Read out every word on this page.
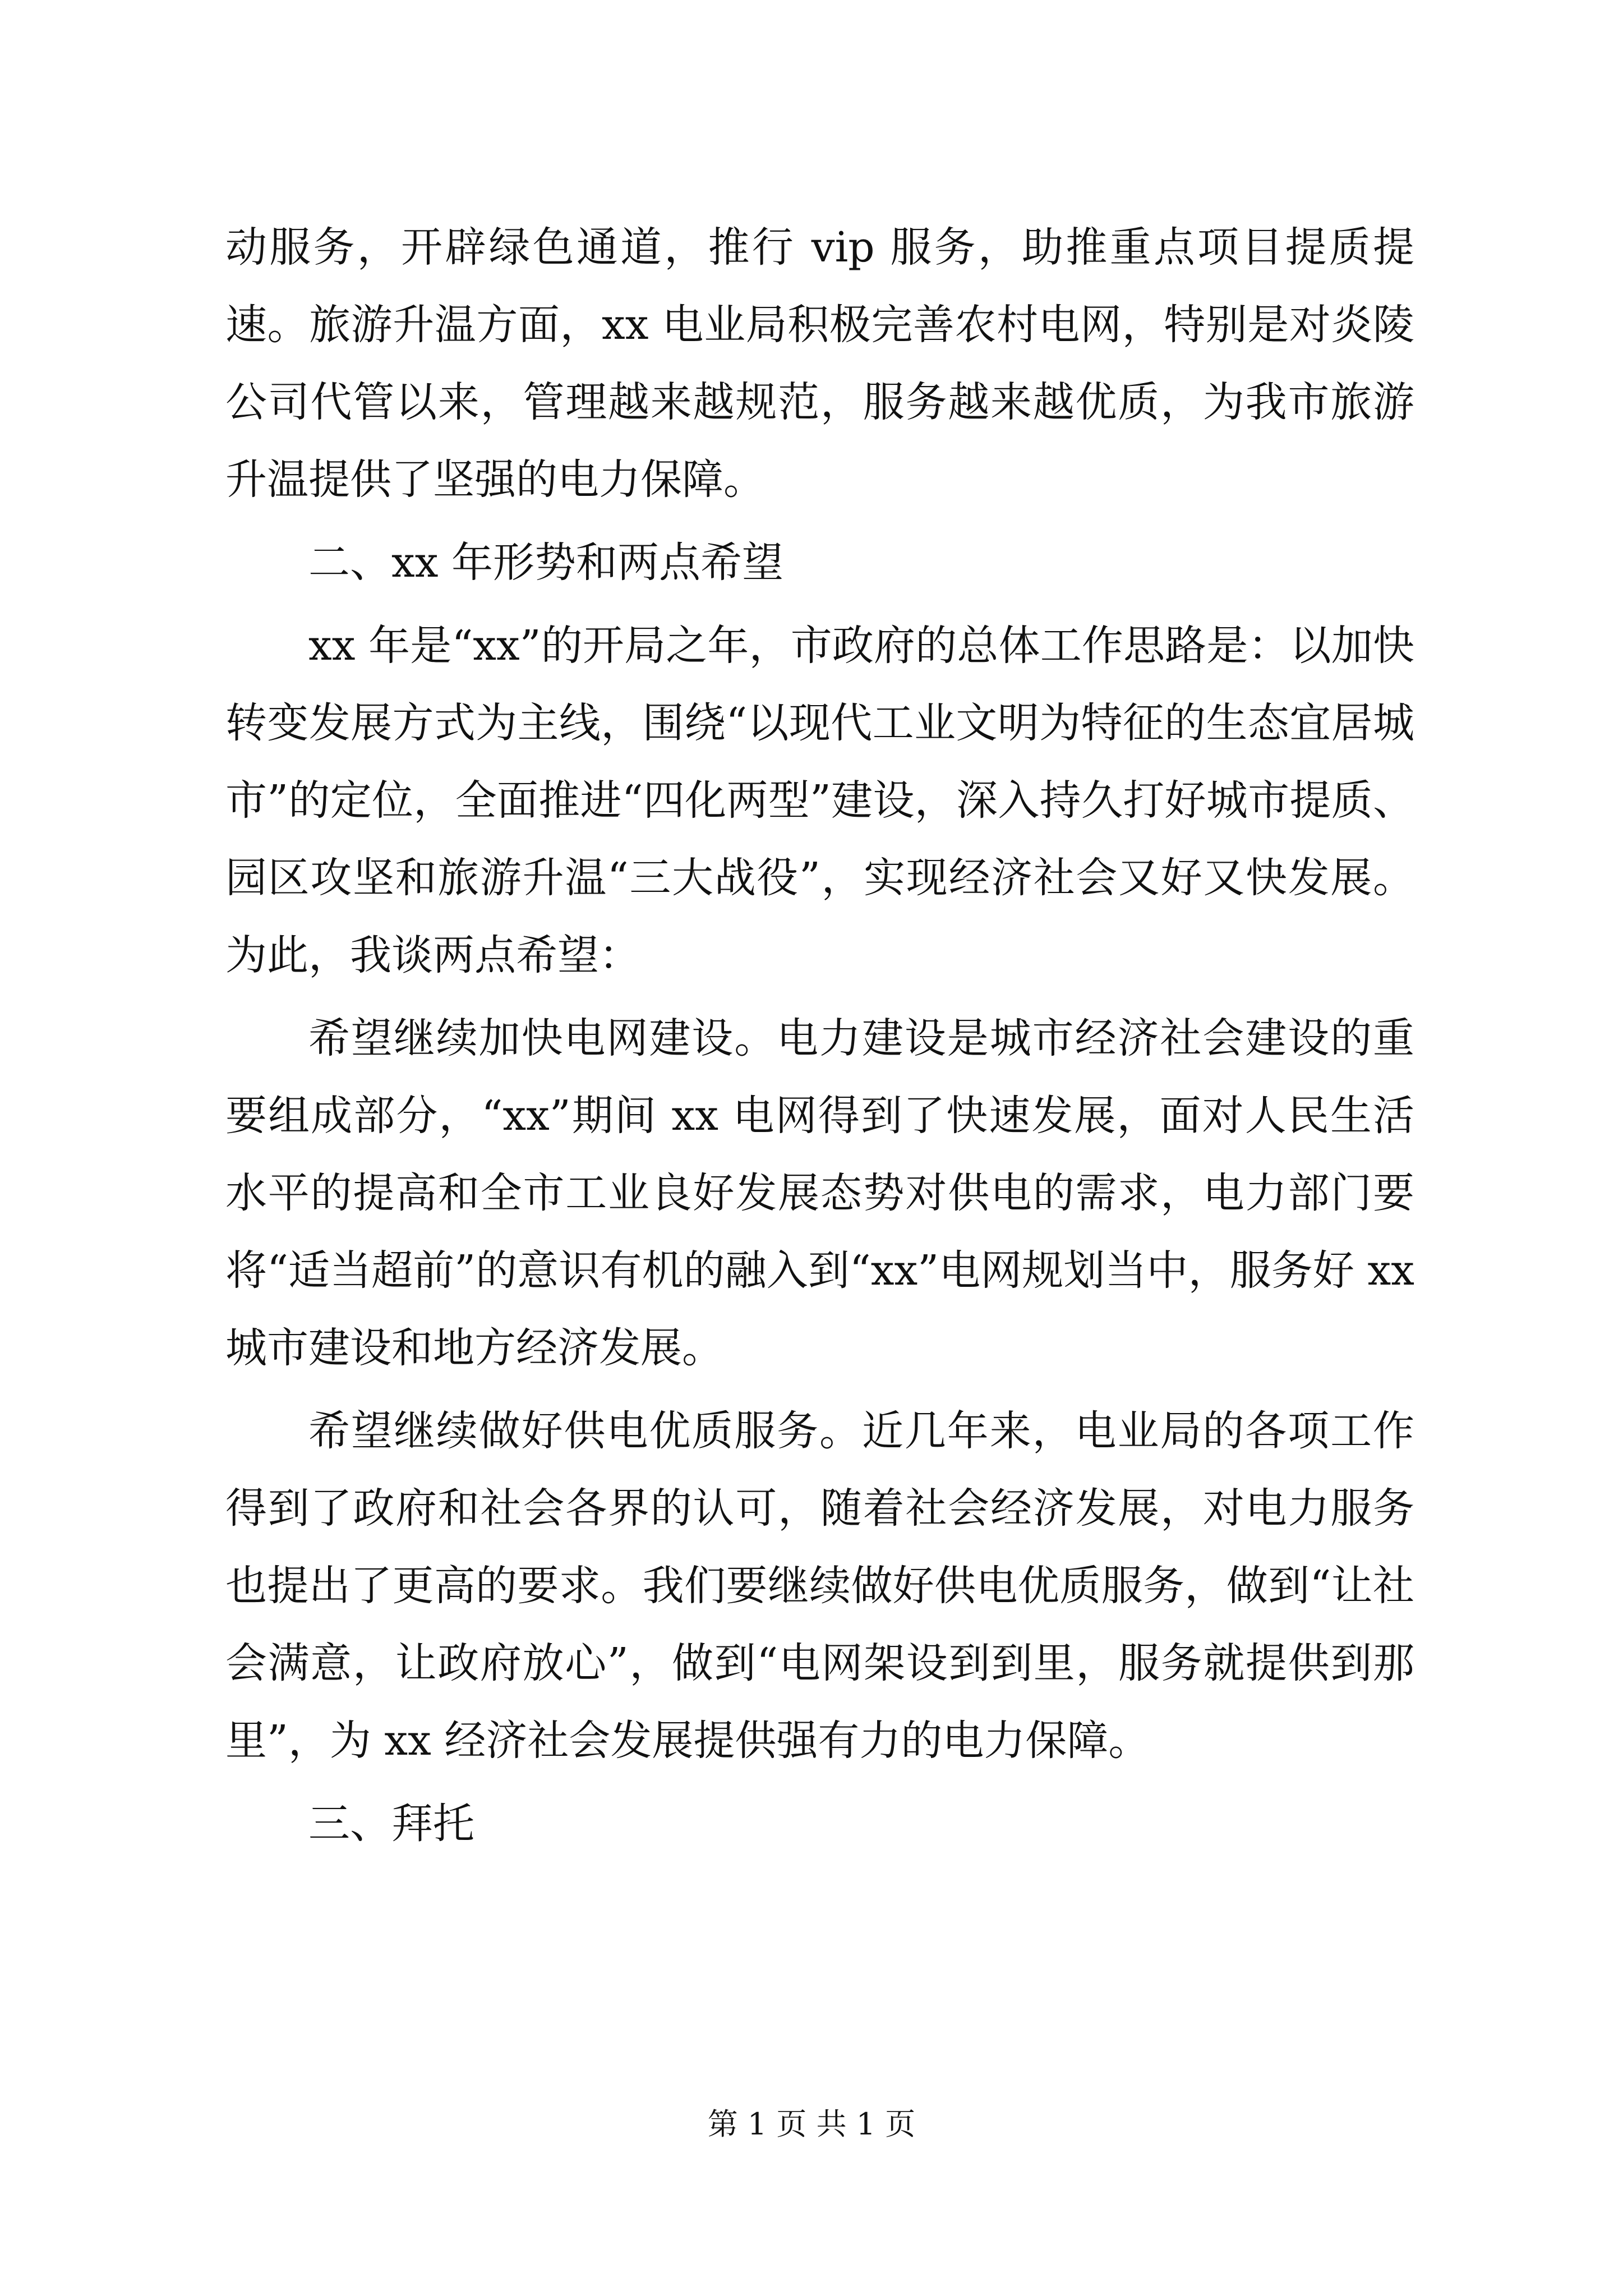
动服务，开辟绿色通道，推行 vip 服务，助推重点项目提质提速。旅游升温方面，xx 电业局积极完善农村电网，特别是对炎陵公司代管以来，管理越来越规范，服务越来越优质，为我市旅游升温提供了坚强的电力保障。

二、xx 年形势和两点希望

xx 年是“xx”的开局之年，市政府的总体工作思路是：以加快转变发展方式为主线，围绕“以现代工业文明为特征的生态宜居城市”的定位，全面推进“四化两型”建设，深入持久打好城市提质、园区攻坚和旅游升温“三大战役”，实现经济社会又好又快发展。为此，我谈两点希望：

希望继续加快电网建设。电力建设是城市经济社会建设的重要组成部分，“xx”期间 xx 电网得到了快速发展，面对人民生活水平的提高和全市工业良好发展态势对供电的需求，电力部门要将“适当超前”的意识有机的融入到“xx”电网规划当中，服务好 xx 城市建设和地方经济发展。

希望继续做好供电优质服务。近几年来，电业局的各项工作得到了政府和社会各界的认可，随着社会经济发展，对电力服务也提出了更高的要求。我们要继续做好供电优质服务，做到“让社会满意，让政府放心”，做到“电网架设到到里，服务就提供到那里”，为 xx 经济社会发展提供强有力的电力保障。

三、拜托

第 1 页 共 1 页
